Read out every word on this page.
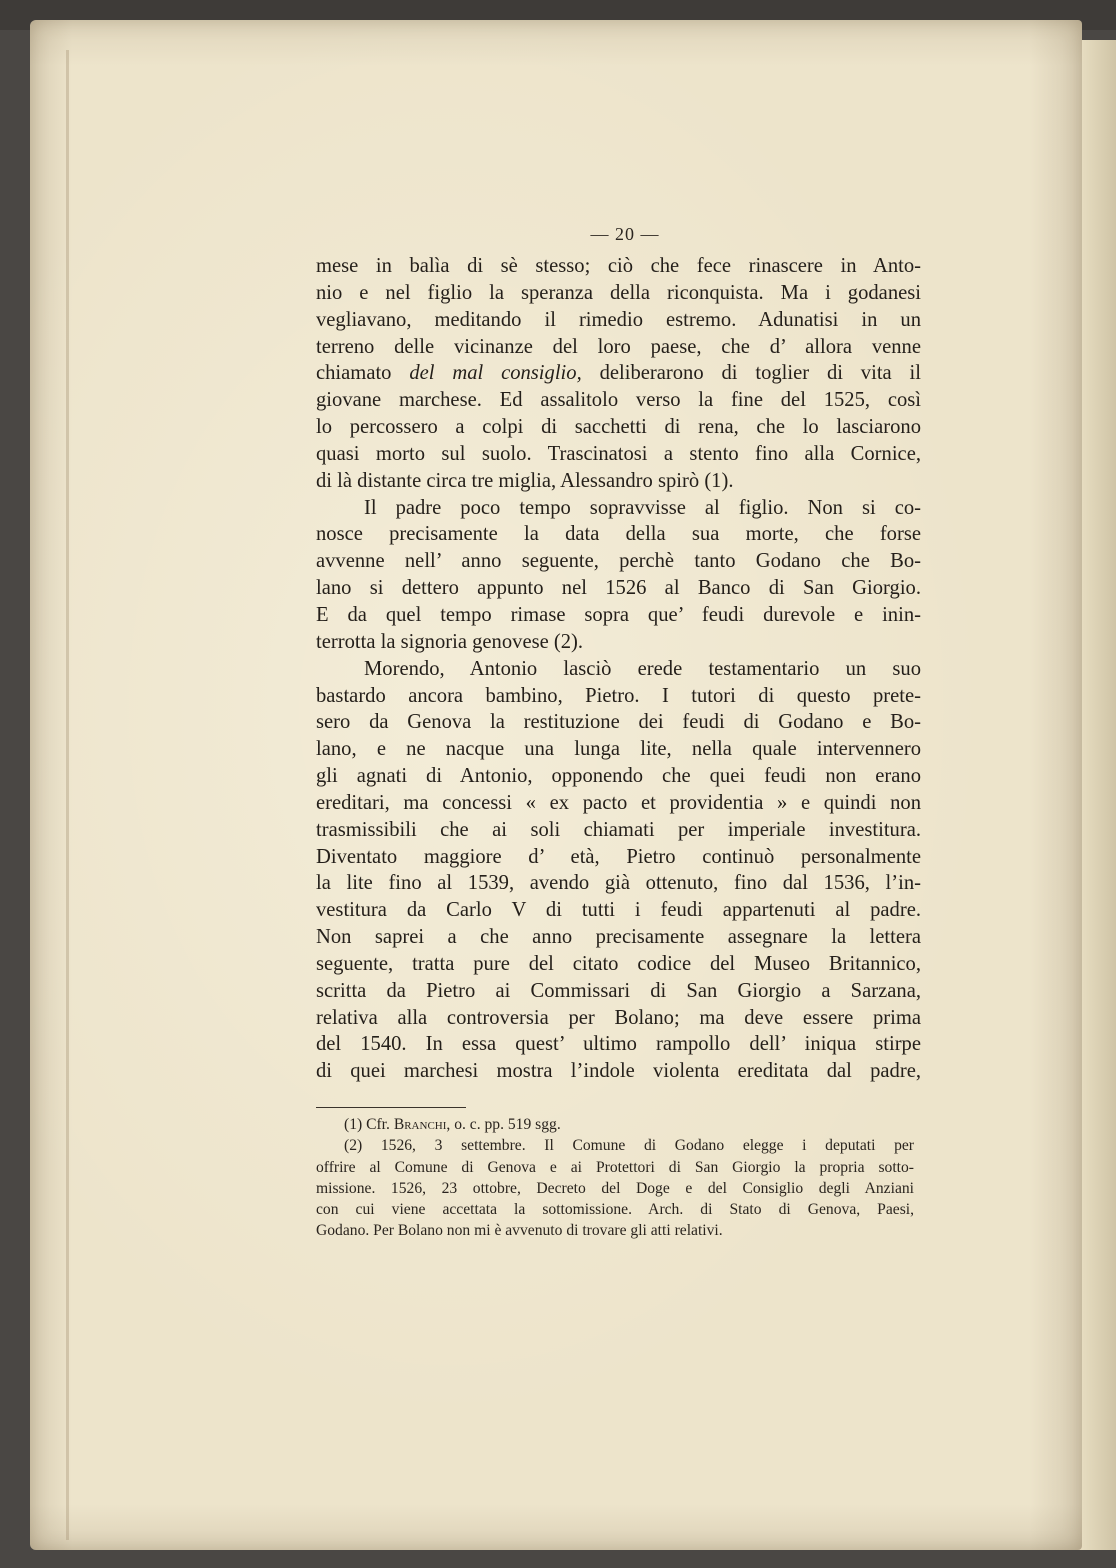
— 20 —
mese in balìa di sè stesso; ciò che fece rinascere in Anto-
nio e nel figlio la speranza della riconquista. Ma i godanesi
vegliavano, meditando il rimedio estremo. Adunatisi in un
terreno delle vicinanze del loro paese, che d’ allora venne
chiamato del mal consiglio, deliberarono di toglier di vita il
giovane marchese. Ed assalitolo verso la fine del 1525, così
lo percossero a colpi di sacchetti di rena, che lo lasciarono
quasi morto sul suolo. Trascinatosi a stento fino alla Cornice,
di là distante circa tre miglia, Alessandro spirò (1).
Il padre poco tempo sopravvisse al figlio. Non si co-
nosce precisamente la data della sua morte, che forse
avvenne nell’ anno seguente, perchè tanto Godano che Bo-
lano si dettero appunto nel 1526 al Banco di San Giorgio.
E da quel tempo rimase sopra que’ feudi durevole e inin-
terrotta la signoria genovese (2).
Morendo, Antonio lasciò erede testamentario un suo
bastardo ancora bambino, Pietro. I tutori di questo prete-
sero da Genova la restituzione dei feudi di Godano e Bo-
lano, e ne nacque una lunga lite, nella quale intervennero
gli agnati di Antonio, opponendo che quei feudi non erano
ereditari, ma concessi « ex pacto et providentia » e quindi non
trasmissibili che ai soli chiamati per imperiale investitura.
Diventato maggiore d’ età, Pietro continuò personalmente
la lite fino al 1539, avendo già ottenuto, fino dal 1536, l’in-
vestitura da Carlo V di tutti i feudi appartenuti al padre.
Non saprei a che anno precisamente assegnare la lettera
seguente, tratta pure del citato codice del Museo Britannico,
scritta da Pietro ai Commissari di San Giorgio a Sarzana,
relativa alla controversia per Bolano; ma deve essere prima
del 1540. In essa quest’ ultimo rampollo dell’ iniqua stirpe
di quei marchesi mostra l’indole violenta ereditata dal padre,
(1) Cfr. Branchi, o. c. pp. 519 sgg.
(2) 1526, 3 settembre. Il Comune di Godano elegge i deputati per
offrire al Comune di Genova e ai Protettori di San Giorgio la propria sotto-
missione. 1526, 23 ottobre, Decreto del Doge e del Consiglio degli Anziani
con cui viene accettata la sottomissione. Arch. di Stato di Genova, Paesi,
Godano. Per Bolano non mi è avvenuto di trovare gli atti relativi.
